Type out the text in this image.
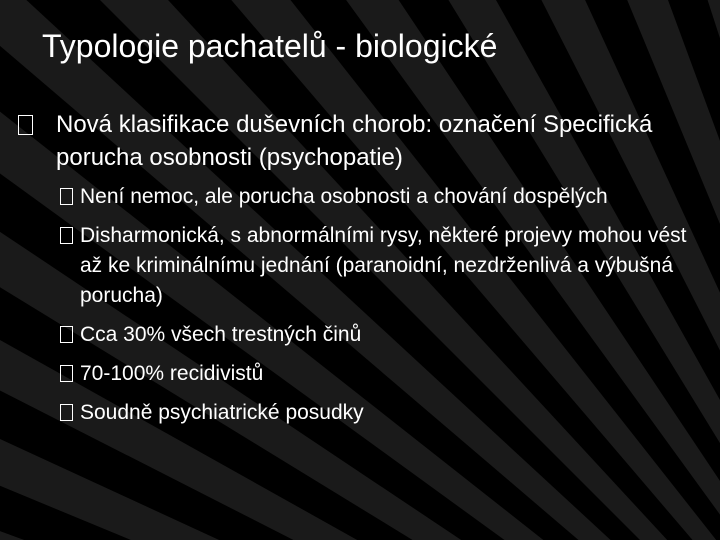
Typologie pachatelů - biologické
Nová klasifikace duševních chorob: označení Specifická porucha osobnosti (psychopatie)
Není nemoc, ale porucha osobnosti a chování dospělých
Disharmonická, s abnormálními rysy, některé projevy mohou vést až ke kriminálnímu jednání (paranoidní, nezdrženlivá a výbušná porucha)
Cca 30% všech trestných činů
70-100% recidivistů
Soudně psychiatrické posudky
